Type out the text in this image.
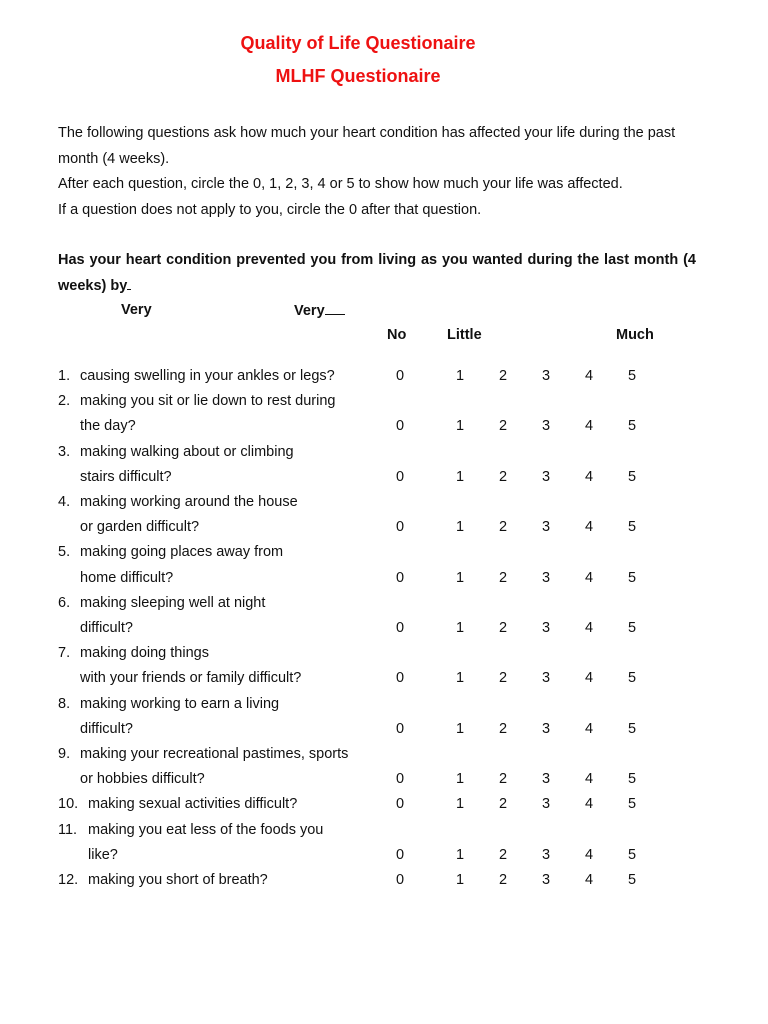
Quality of Life Questionaire
MLHF Questionaire

The following questions ask how much your heart condition has affected your life during the past month (4 weeks).

After each question, circle the 0, 1, 2, 3, 4 or 5 to show how much your life was affected.

If a question does not apply to you, circle the 0 after that question.

Has your heart condition prevented you from living as you wanted during the last month (4 weeks) by
Very	Very
No	Little	Much
1. causing swelling in your ankles or legs?	0	1	2	3	4	5
2. making you sit or lie down to rest during
the day?	0	1	2	3	4	5
3. making walking about or climbing
stairs difficult?	0	1	2	3	4	5
4. making working around the house
or garden difficult?	0	1	2	3	4	5
5. making going places away from
home difficult?	0	1	2	3	4	5
6. making sleeping well at night
difficult?	0	1	2	3	4	5
7. making doing things
with your friends or family difficult?	0	1	2	3	4	5
8. making working to earn a living
difficult?	0	1	2	3	4	5
9. making your recreational pastimes, sports
or hobbies difficult?	0	1	2	3	4	5
10. making sexual activities difficult?	0	1	2	3	4	5
11. making you eat less of the foods you
like?	0	1	2	3	4	5
12. making you short of breath?	0	1	2	3	4	5
